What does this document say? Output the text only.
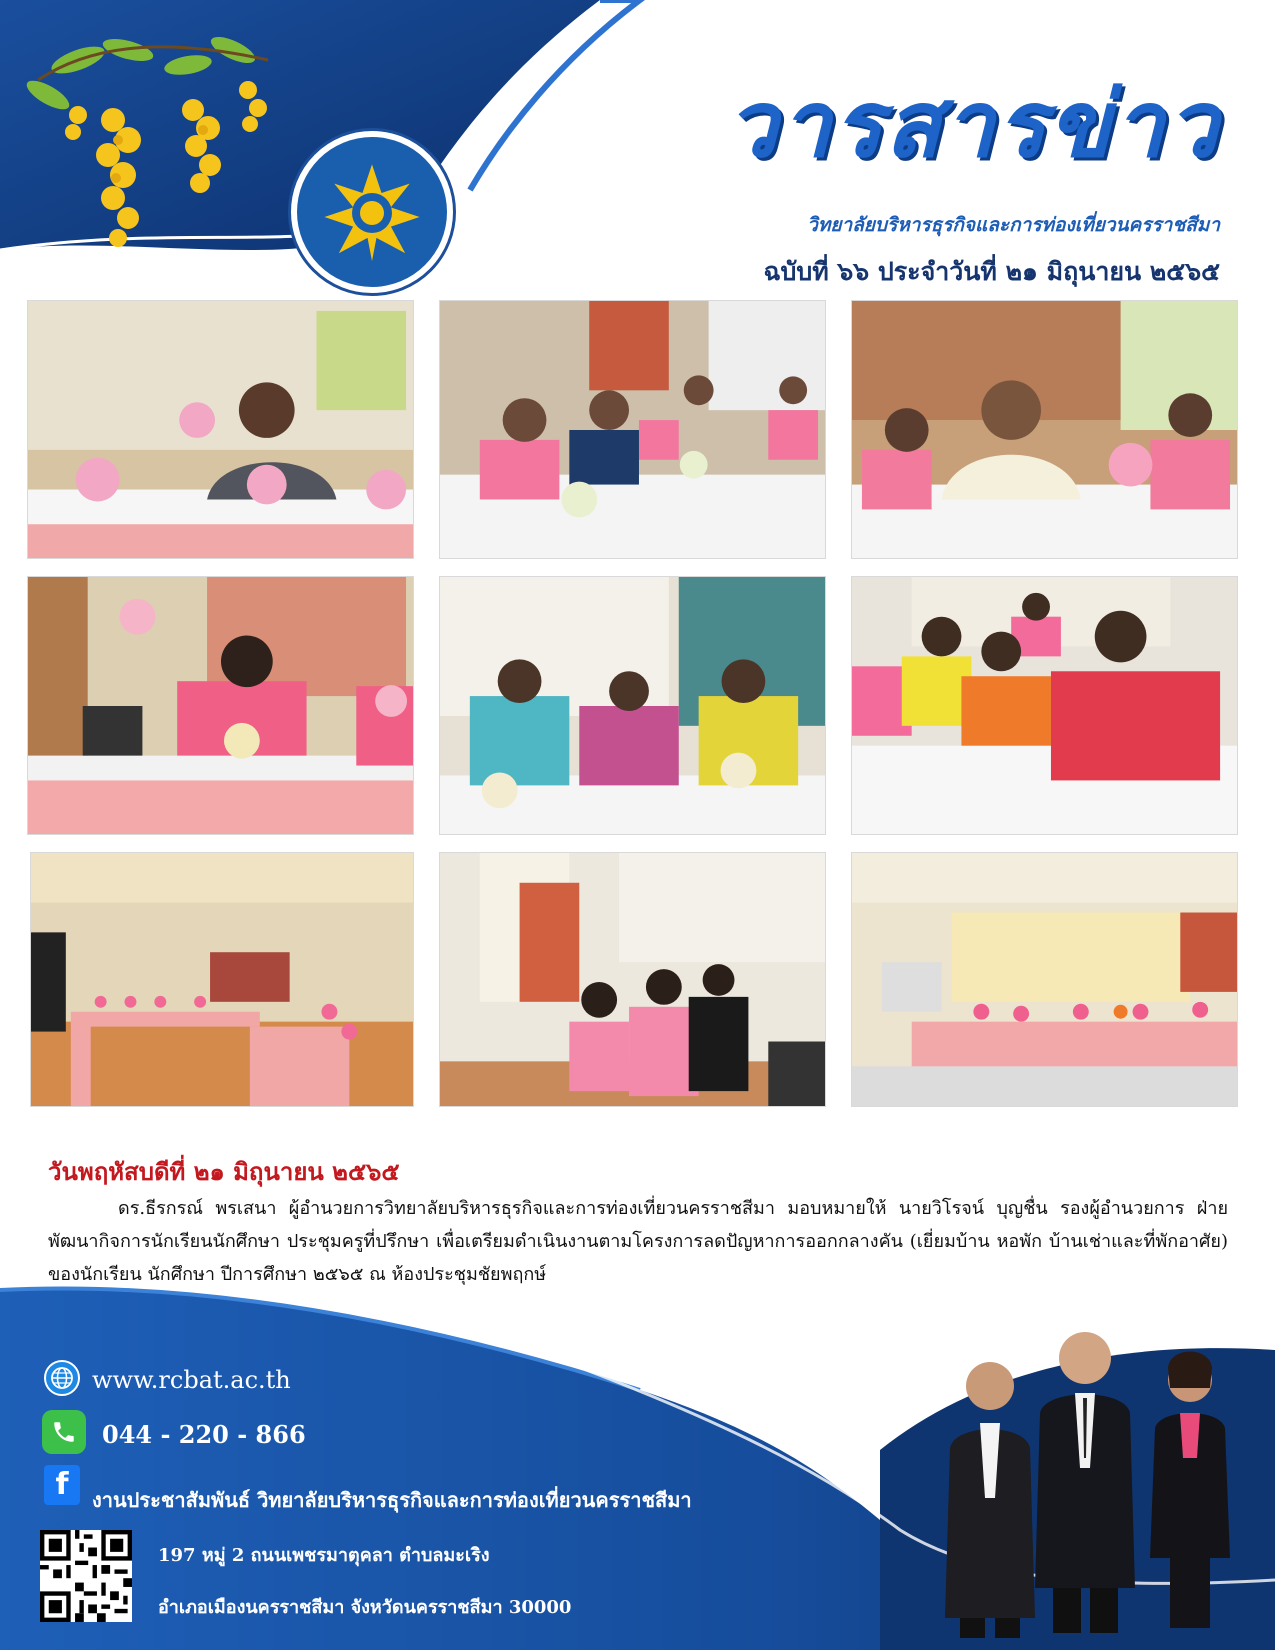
วารสารข่าว
วิทยาลัยบริหารธุรกิจและการท่องเที่ยวนครราชสีมา
ฉบับที่ ๖๖ ประจำวันที่ ๒๑ มิถุนายน ๒๕๖๕
วันพฤหัสบดีที่ ๒๑ มิถุนายน ๒๕๖๕
ดร.ธีรกรณ์ พรเสนา ผู้อำนวยการวิทยาลัยบริหารธุรกิจและการท่องเที่ยวนครราชสีมา มอบหมายให้ นายวิโรจน์ บุญชื่น รองผู้อำนวยการ ฝ่ายพัฒนากิจการนักเรียนนักศึกษา ประชุมครูที่ปรึกษา เพื่อเตรียมดำเนินงานตามโครงการลดปัญหาการออกกลางคัน (เยี่ยมบ้าน หอพัก บ้านเช่าและที่พักอาศัย) ของนักเรียน นักศึกษา ปีการศึกษา ๒๕๖๕ ณ ห้องประชุมชัยพฤกษ์
www.rcbat.ac.th
044 - 220 - 866
f งานประชาสัมพันธ์ วิทยาลัยบริหารธุรกิจและการท่องเที่ยวนครราชสีมา
197 หมู่ 2 ถนนเพชรมาตุคลา ตำบลมะเริง
อำเภอเมืองนครราชสีมา จังหวัดนครราชสีมา 30000
